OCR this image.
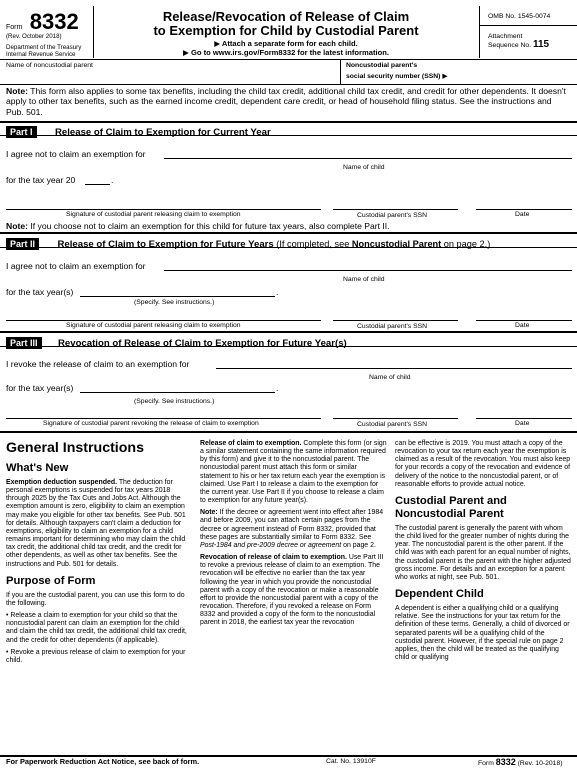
Form 8332
(Rev. October 2018)
Department of the Treasury
Internal Revenue Service
Release/Revocation of Release of Claim
to Exemption for Child by Custodial Parent
▶ Attach a separate form for each child.
▶ Go to www.irs.gov/Form8332 for the latest information.
OMB No. 1545-0074
Attachment
Sequence No. 115
Name of noncustodial parent	Noncustodial parent's
social security number (SSN) ▶
Note: This form also applies to some tax benefits, including the child tax credit, additional child tax credit, and credit for other dependents. It doesn't apply to other tax benefits, such as the earned income credit, dependent care credit, or head of household filing status. See the instructions and Pub. 501.
Part I Release of Claim to Exemption for Current Year
I agree not to claim an exemption for
Name of child
for the tax year 20	.
Signature of custodial parent releasing claim to exemption	Custodial parent's SSN	Date
Note: If you choose not to claim an exemption for this child for future tax years, also complete Part II.
Part II Release of Claim to Exemption for Future Years (If completed, see Noncustodial Parent on page 2.)
I agree not to claim an exemption for
Name of child
for the tax year(s)	.
(Specify. See instructions.)
Signature of custodial parent releasing claim to exemption	Custodial parent's SSN	Date
Part III Revocation of Release of Claim to Exemption for Future Year(s)
I revoke the release of claim to an exemption for
Name of child
for the tax year(s)	.
(Specify. See instructions.)
Signature of custodial parent revoking the release of claim to exemption	Custodial parent's SSN	Date
General Instructions
What's New

Exemption deduction suspended. The deduction for personal exemptions is suspended for tax years 2018 through 2025 by the Tax Cuts and Jobs Act. Although the exemption amount is zero, eligibility to claim an exemption may make you eligible for other tax benefits. See Pub. 501 for details. Although taxpayers can't claim a deduction for exemptions, eligibility to claim an exemption for a child remains important for determining who may claim the child tax credit, the additional child tax credit, and the credit for other dependents, as well as other tax benefits. See the instructions and Pub. 501 for details.

Purpose of Form

If you are the custodial parent, you can use this form to do the following.

• Release a claim to exemption for your child so that the noncustodial parent can claim an exemption for the child and claim the child tax credit, the additional child tax credit, and the credit for other dependents (if applicable).

• Revoke a previous release of claim to exemption for your child.

Release of claim to exemption. Complete this form (or sign a similar statement containing the same information required by this form) and give it to the noncustodial parent. The noncustodial parent must attach this form or similar statement to his or her tax return each year the exemption is claimed. Use Part I to release a claim to the exemption for the current year. Use Part II if you choose to release a claim to exemption for any future year(s).

Note: If the decree or agreement went into effect after 1984 and before 2009, you can attach certain pages from the decree or agreement instead of Form 8332, provided that these pages are substantially similar to Form 8332. See Post-1984 and pre-2009 decree or agreement on page 2.

Revocation of release of claim to exemption. Use Part III to revoke a previous release of claim to an exemption. The revocation will be effective no earlier than the tax year following the year in which you provide the noncustodial parent with a copy of the revocation or make a reasonable effort to provide the noncustodial parent with a copy of the revocation. Therefore, if you revoked a release on Form 8332 and provided a copy of the form to the noncustodial parent in 2018, the earliest tax year the revocation

can be effective is 2019. You must attach a copy of the revocation to your tax return each year the exemption is claimed as a result of the revocation. You must also keep for your records a copy of the revocation and evidence of delivery of the notice to the noncustodial parent, or of reasonable efforts to provide actual notice.

Custodial Parent and Noncustodial Parent

The custodial parent is generally the parent with whom the child lived for the greater number of nights during the year. The noncustodial parent is the other parent. If the child was with each parent for an equal number of nights, the custodial parent is the parent with the higher adjusted gross income. For details and an exception for a parent who works at night, see Pub. 501.

Dependent Child

A dependent is either a qualifying child or a qualifying relative. See the instructions for your tax return for the definition of these terms. Generally, a child of divorced or separated parents will be a qualifying child of the custodial parent. However, if the special rule on page 2 applies, then the child will be treated as the qualifying child or qualifying

For Paperwork Reduction Act Notice, see back of form.	Cat. No. 13910F	Form 8332 (Rev. 10-2018)
